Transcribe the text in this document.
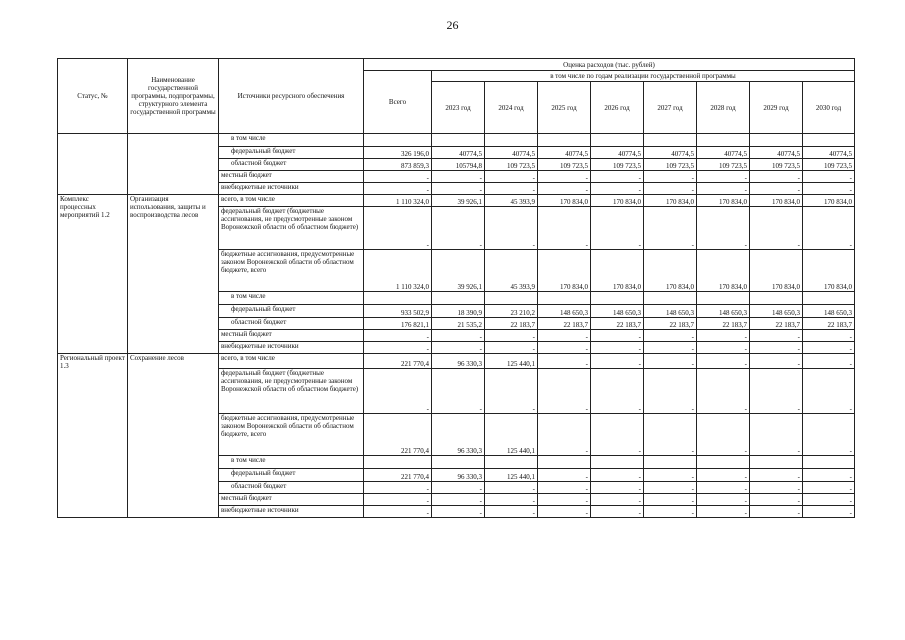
26
Статус, №	Наименование государственной программы, подпрограммы, структурного элемента государственной программы	Источники ресурсного обеспечения	Оценка расходов (тыс. рублей)								
			Всего	в том числе по годам реализации государственной программы							
				2023 год	2024 год	2025 год	2026 год	2027 год	2028 год	2029 год	2030 год
		в том числе									
		федеральный бюджет	326 196,0	40774,5	40774,5	40774,5	40774,5	40774,5	40774,5	40774,5	40774,5
		областной бюджет	873 859,3	105794,8	109 723,5	109 723,5	109 723,5	109 723,5	109 723,5	109 723,5	109 723,5
		местный бюджет	-	-	-	-	-	-	-	-	-
		внебюджетные источники	-	-	-	-	-	-	-	-	-
Комплекс процессных мероприятий 1.2	Организация использования, защиты и воспроизводства лесов	всего, в том числе	1 110 324,0	39 926,1	45 393,9	170 834,0	170 834,0	170 834,0	170 834,0	170 834,0	170 834,0
		федеральный бюджет (бюджетные ассигнования, не предусмотренные законом Воронежской области об областном бюджете)	-	-	-	-	-	-	-	-	-
		бюджетные ассигнования, предусмотренные законом Воронежской области об областном бюджете, всего	1 110 324,0	39 926,1	45 393,9	170 834,0	170 834,0	170 834,0	170 834,0	170 834,0	170 834,0
		в том числе									
		федеральный бюджет	933 502,9	18 390,9	23 210,2	148 650,3	148 650,3	148 650,3	148 650,3	148 650,3	148 650,3
		областной бюджет	176 821,1	21 535,2	22 183,7	22 183,7	22 183,7	22 183,7	22 183,7	22 183,7	22 183,7
		местный бюджет	-	-	-	-	-	-	-	-	-
		внебюджетные источники	-	-	-	-	-	-	-	-	-
Региональный проект 1.3	Сохранение лесов	всего, в том числе	221 770,4	96 330,3	125 440,1	-	-	-	-	-	-
		федеральный бюджет (бюджетные ассигнования, не предусмотренные законом Воронежской области об областном бюджете)	-	-	-	-	-	-	-	-	-
		бюджетные ассигнования, предусмотренные законом Воронежской области об областном бюджете, всего	221 770,4	96 330,3	125 440,1	-	-	-	-	-	-
		в том числе									
		федеральный бюджет	221 770,4	96 330,3	125 440,1	-	-	-	-	-	-
		областной бюджет	-	-	-	-	-	-	-	-	-
		местный бюджет	-	-	-	-	-	-	-	-	-
		внебюджетные источники	-	-	-	-	-	-	-	-	-
